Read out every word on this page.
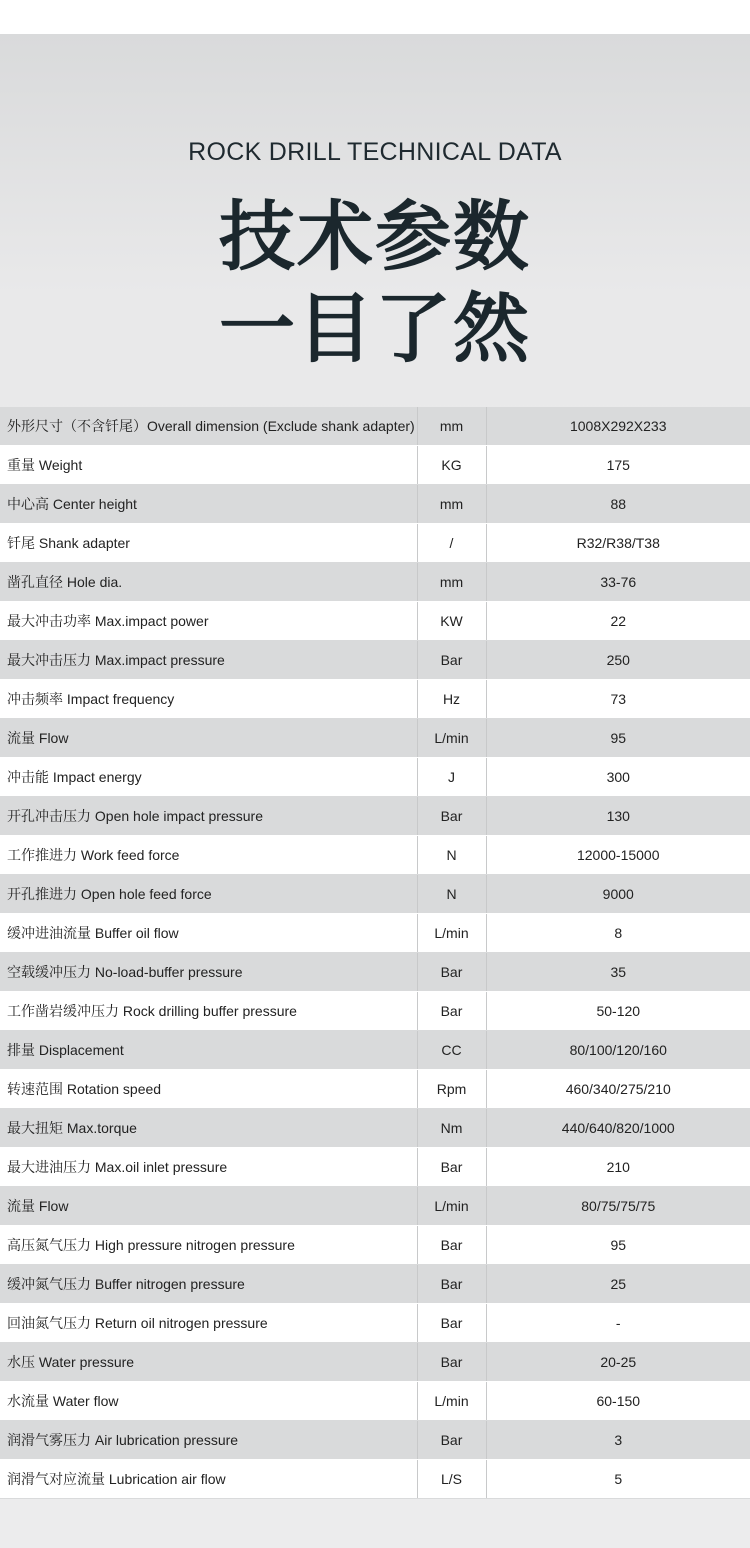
ROCK DRILL TECHNICAL DATA
技术参数
一目了然
外形尺寸（不含钎尾）Overall dimension (Exclude shank adapter)	mm	1008X292X233
重量 Weight	KG	175
中心高 Center height	mm	88
钎尾 Shank adapter	/	R32/R38/T38
凿孔直径 Hole dia.	mm	33-76
最大冲击功率 Max.impact power	KW	22
最大冲击压力 Max.impact pressure	Bar	250
冲击频率 Impact frequency	Hz	73
流量 Flow	L/min	95
冲击能 Impact energy	J	300
开孔冲击压力 Open hole impact pressure	Bar	130
工作推进力 Work feed force	N	12000-15000
开孔推进力 Open hole feed force	N	9000
缓冲进油流量 Buffer oil flow	L/min	8
空载缓冲压力 No-load-buffer pressure	Bar	35
工作凿岩缓冲压力 Rock drilling buffer pressure	Bar	50-120
排量 Displacement	CC	80/100/120/160
转速范围 Rotation speed	Rpm	460/340/275/210
最大扭矩 Max.torque	Nm	440/640/820/1000
最大进油压力 Max.oil inlet pressure	Bar	210
流量 Flow	L/min	80/75/75/75
高压氮气压力 High pressure nitrogen pressure	Bar	95
缓冲氮气压力 Buffer nitrogen pressure	Bar	25
回油氮气压力 Return oil nitrogen pressure	Bar	-
水压 Water pressure	Bar	20-25
水流量 Water flow	L/min	60-150
润滑气雾压力 Air lubrication pressure	Bar	3
润滑气对应流量 Lubrication air flow	L/S	5
